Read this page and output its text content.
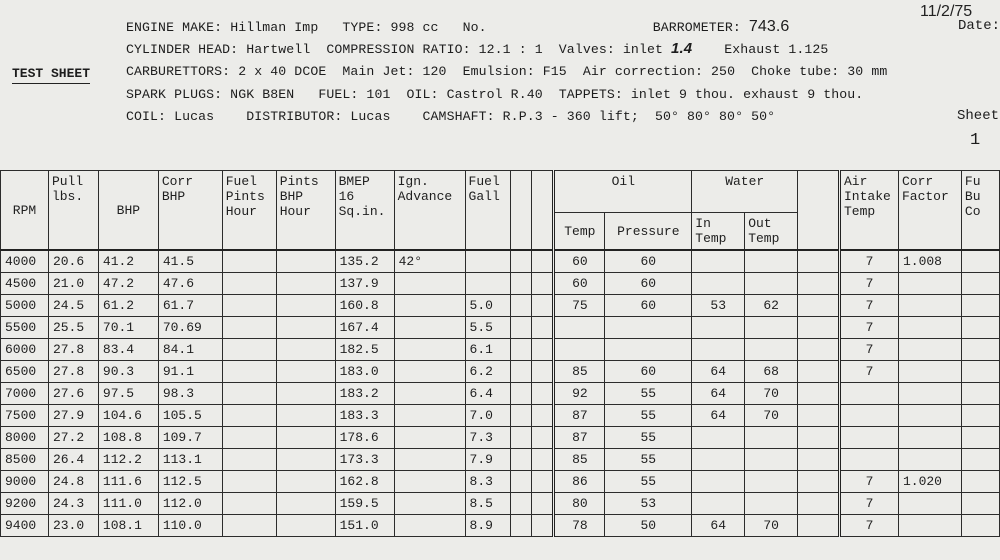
11/2/75
Date:
Sheet
1
TEST SHEET
ENGINE MAKE: Hillman Imp TYPE: 998 cc No.	BARROMETER: 743.6
CYLINDER HEAD: Hartwell COMPRESSION RATIO: 12.1 : 1 Valves: inlet 1.4 Exhaust 1.125
CARBURETTORS: 2 x 40 DCOE Main Jet: 120 Emulsion: F15 Air correction: 250 Choke tube: 30 mm
SPARK PLUGS: NGK B8EN FUEL: 101 OIL: Castrol R.40 TAPPETS: inlet 9 thou. exhaust 9 thou.
COIL: Lucas DISTRIBUTOR: Lucas CAMSHAFT: R.P.3 - 360 lift; 50° 80° 80° 50°
RPM	Pull lbs.	BHP	Corr BHP	Fuel Pints Hour	Pints BHP Hour	BMEP 16 Sq.in.	Ign. Advance	Fuel Gall			Oil		Water			Air Intake Temp	Corr Factor	Fu Bu Co
											Temp	Pressure	In Temp	Out Temp				
4000	20.6	41.2	41.5			135.2	42°				60	60				7	1.008	
4500	21.0	47.2	47.6			137.9					60	60				7		
5000	24.5	61.2	61.7			160.8		5.0			75	60	53	62		7		
5500	25.5	70.1	70.69			167.4		5.5								7		
6000	27.8	83.4	84.1			182.5		6.1								7		
6500	27.8	90.3	91.1			183.0		6.2			85	60	64	68		7		
7000	27.6	97.5	98.3			183.2		6.4			92	55	64	70				
7500	27.9	104.6	105.5			183.3		7.0			87	55	64	70				
8000	27.2	108.8	109.7			178.6		7.3			87	55						
8500	26.4	112.2	113.1			173.3		7.9			85	55						
9000	24.8	111.6	112.5			162.8		8.3			86	55				7	1.020	
9200	24.3	111.0	112.0			159.5		8.5			80	53				7		
9400	23.0	108.1	110.0			151.0		8.9			78	50	64	70		7		
